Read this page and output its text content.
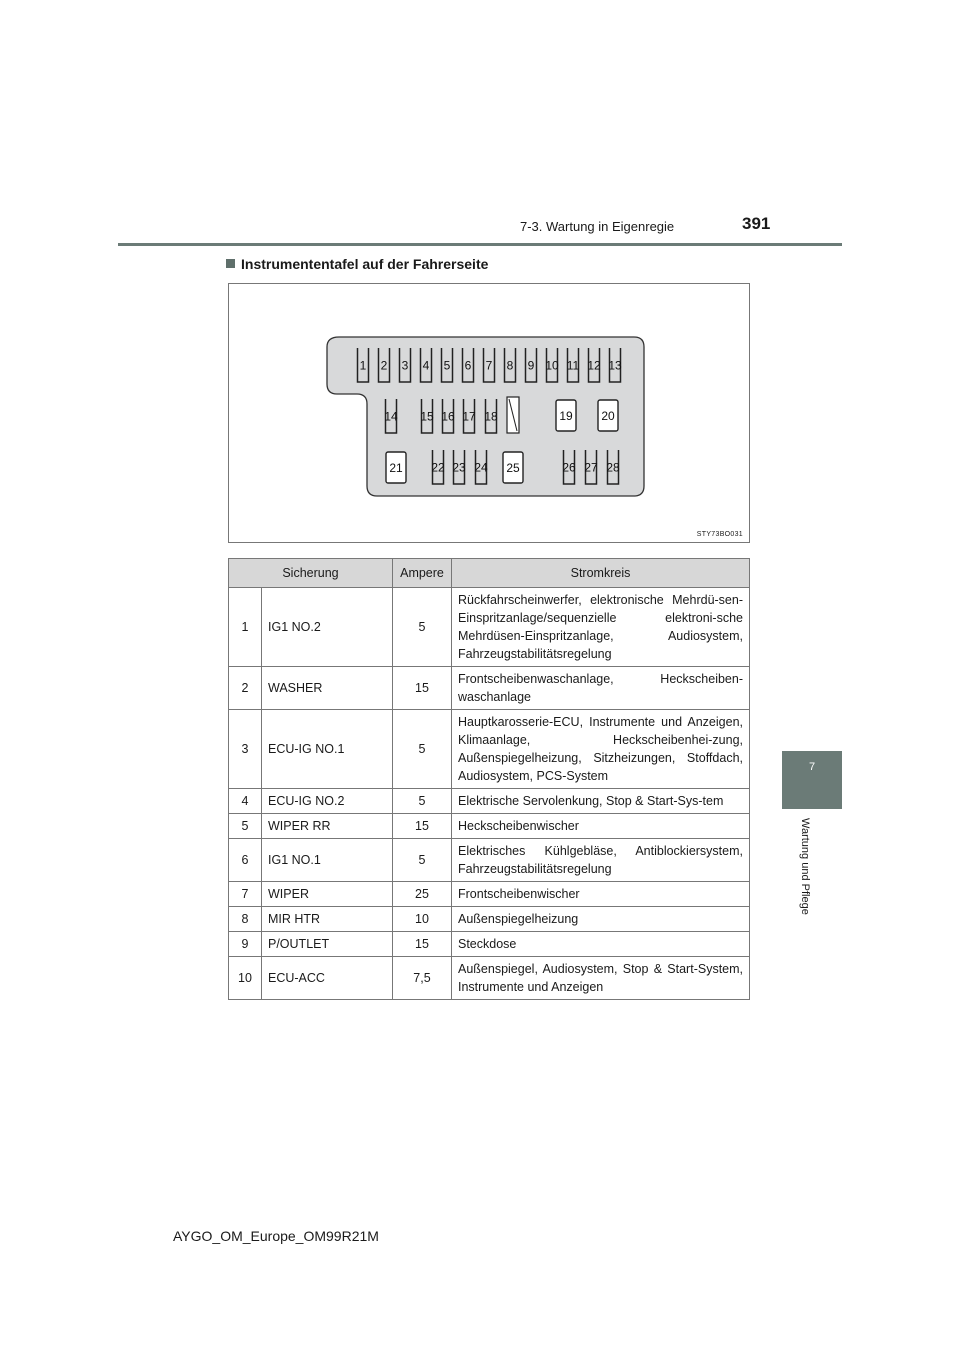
7-3. Wartung in Eigenregie	391
7
Wartung und Pflege
Instrumententafel auf der Fahrerseite
1 2 3 4 5 6 7 8 9 10 11 12 13
14 15 16 17 18	19 20
21 22 23 24 25	26 27 28
STY73BO031
Sicherung		Ampere	Stromkreis
1	IG1 NO.2	5	Rückfahrscheinwerfer, elektronische Mehrdü-sen-Einspritzanlage/sequenzielle elektroni-sche Mehrdüsen-Einspritzanlage, Audiosystem, Fahrzeugstabilitätsregelung
2	WASHER	15	Frontscheibenwaschanlage, Heckscheiben-waschanlage
3	ECU-IG NO.1	5	Hauptkarosserie-ECU, Instrumente und Anzeigen, Klimaanlage, Heckscheibenhei-zung, Außenspiegelheizung, Sitzheizungen, Stoffdach, Audiosystem, PCS-System
4	ECU-IG NO.2	5	Elektrische Servolenkung, Stop & Start-Sys-tem
5	WIPER RR	15	Heckscheibenwischer
6	IG1 NO.1	5	Elektrisches Kühlgebläse, Antiblockiersystem, Fahrzeugstabilitätsregelung
7	WIPER	25	Frontscheibenwischer
8	MIR HTR	10	Außenspiegelheizung
9	P/OUTLET	15	Steckdose
10	ECU-ACC	7,5	Außenspiegel, Audiosystem, Stop & Start-System, Instrumente und Anzeigen
AYGO_OM_Europe_OM99R21M
